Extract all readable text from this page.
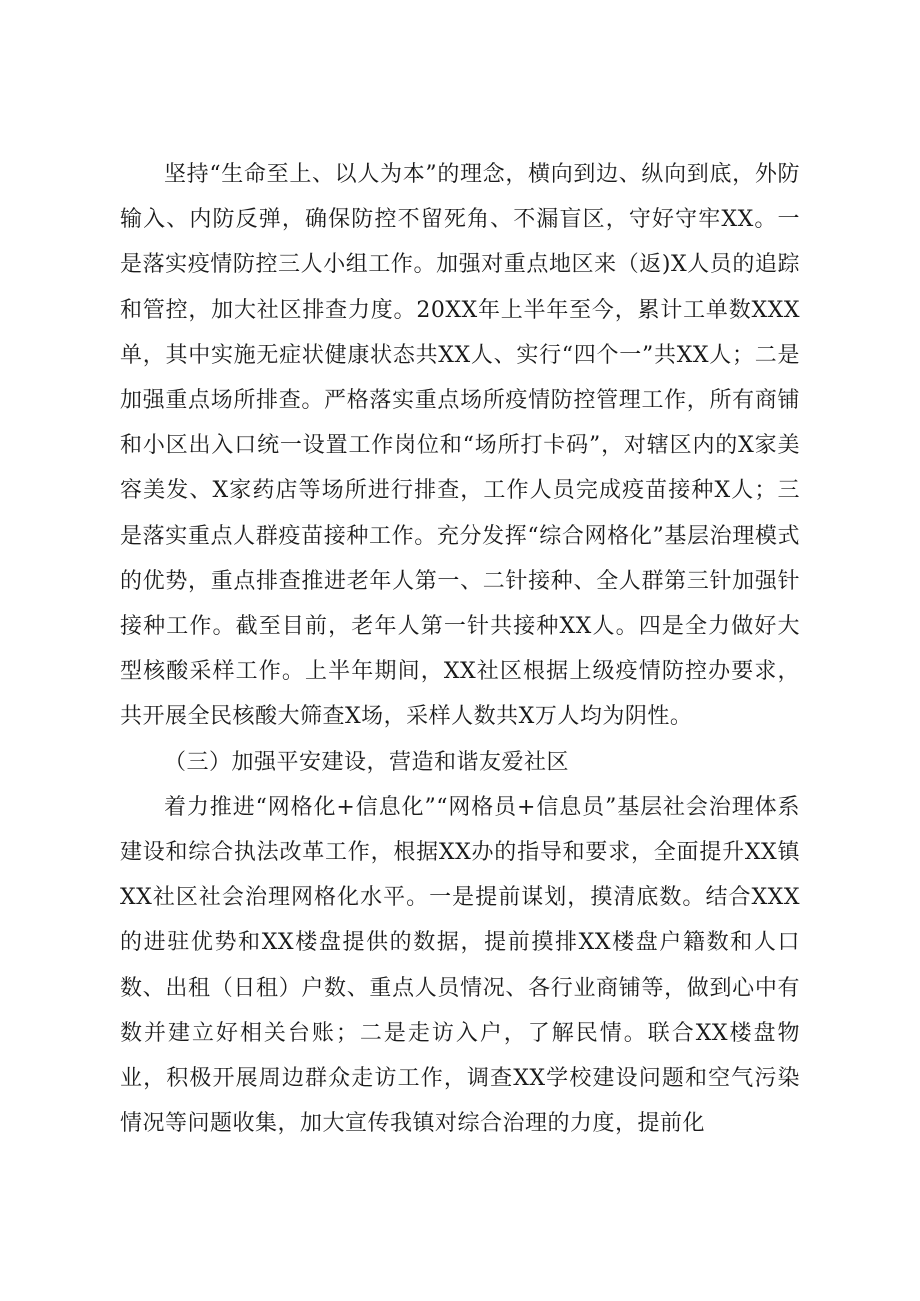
坚持“生命至上、以人为本”的理念，横向到边、纵向到底，外防输入、内防反弹，确保防控不留死角、不漏盲区，守好守牢XX。一是落实疫情防控三人小组工作。加强对重点地区来（返)X人员的追踪和管控，加大社区排查力度。20XX年上半年至今，累计工单数XXX单，其中实施无症状健康状态共XX人、实行“四个一”共XX人；二是加强重点场所排查。严格落实重点场所疫情防控管理工作，所有商铺和小区出入口统一设置工作岗位和“场所打卡码”，对辖区内的X家美容美发、X家药店等场所进行排查，工作人员完成疫苗接种X人；三是落实重点人群疫苗接种工作。充分发挥“综合网格化”基层治理模式的优势，重点排查推进老年人第一、二针接种、全人群第三针加强针接种工作。截至目前，老年人第一针共接种XX人。四是全力做好大型核酸采样工作。上半年期间，XX社区根据上级疫情防控办要求，共开展全民核酸大筛查X场，采样人数共X万人均为阴性。

（三）加强平安建设，营造和谐友爱社区

着力推进“网格化+信息化”“网格员+信息员”基层社会治理体系建设和综合执法改革工作，根据XX办的指导和要求，全面提升XX镇XX社区社会治理网格化水平。一是提前谋划，摸清底数。结合XXX的进驻优势和XX楼盘提供的数据，提前摸排XX楼盘户籍数和人口数、出租（日租）户数、重点人员情况、各行业商铺等，做到心中有数并建立好相关台账；二是走访入户，了解民情。联合XX楼盘物业，积极开展周边群众走访工作，调查XX学校建设问题和空气污染情况等问题收集，加大宣传我镇对综合治理的力度，提前化
